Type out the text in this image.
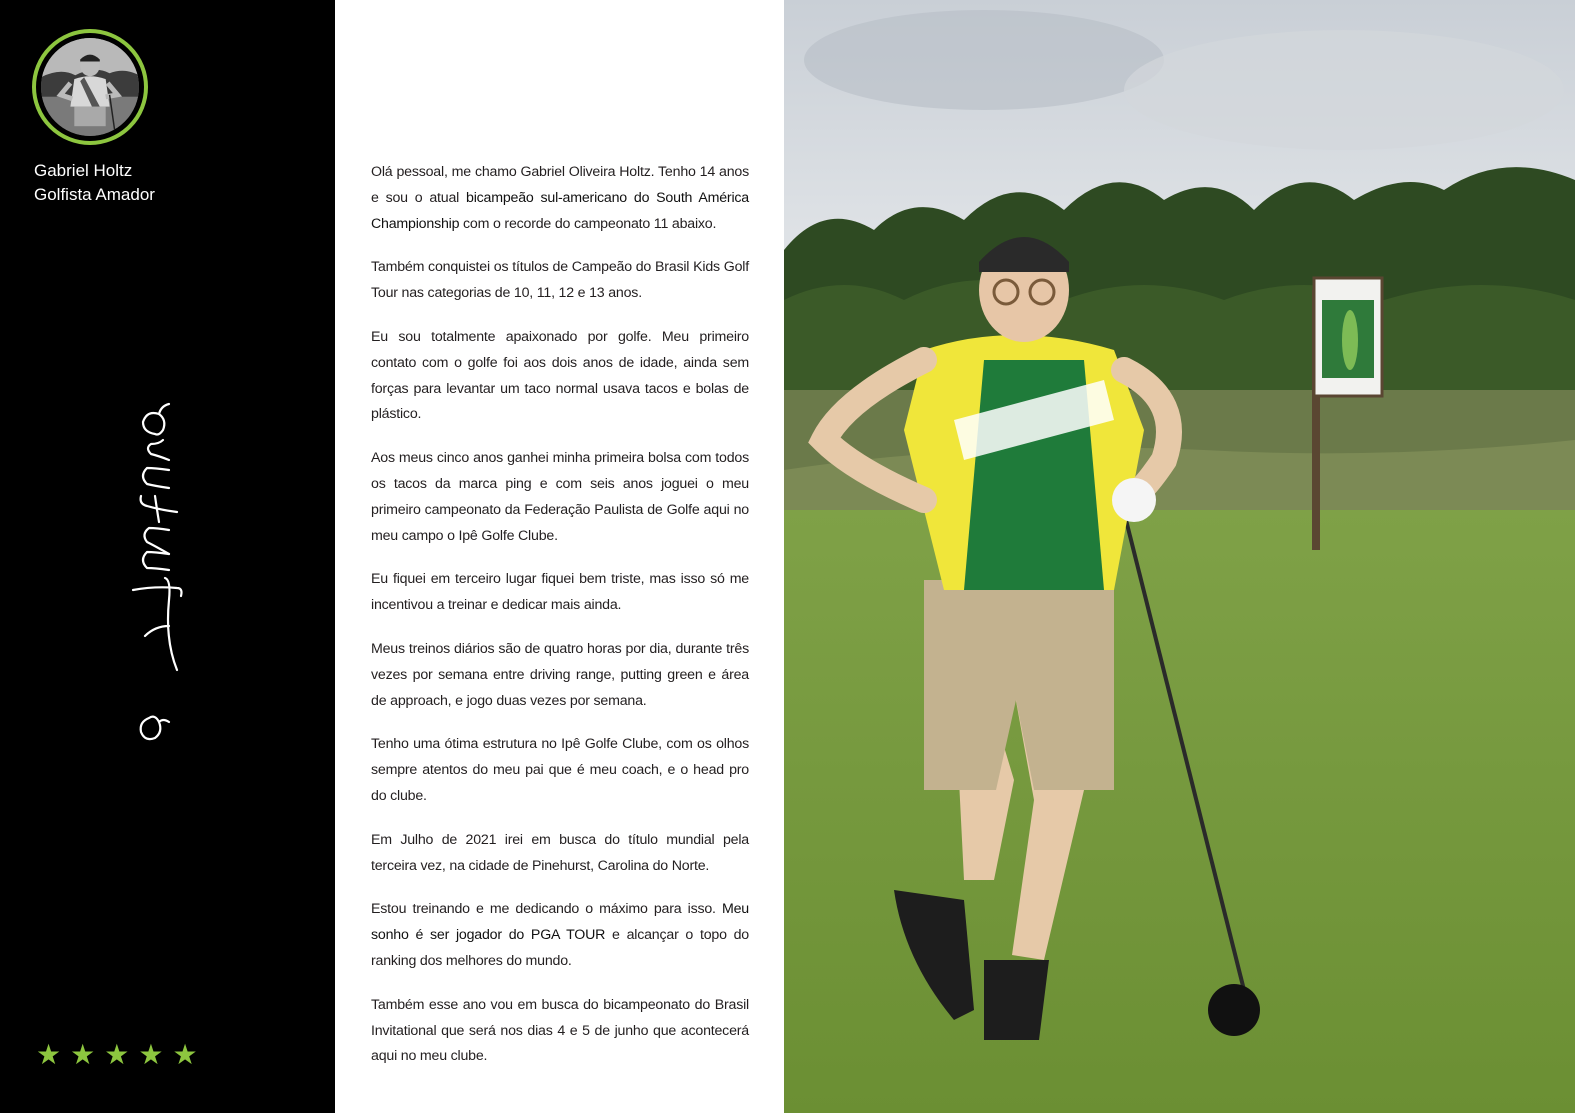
Gabriel Holtz
Golfista Amador
★ ★ ★ ★ ★

Olá pessoal, me chamo Gabriel Oliveira Holtz. Tenho 14 anos e sou o atual bicampeão sul-americano do South América Championship com o recorde do campeonato 11 abaixo.

Também conquistei os títulos de Campeão do Brasil Kids Golf Tour nas categorias de 10, 11, 12 e 13 anos.

Eu sou totalmente apaixonado por golfe. Meu primeiro contato com o golfe foi aos dois anos de idade, ainda sem forças para levantar um taco normal usava tacos e bolas de plástico.

Aos meus cinco anos ganhei minha primeira bolsa com todos os tacos da marca ping e com seis anos joguei o meu primeiro campeonato da Federação Paulista de Golfe aqui no meu campo o Ipê Golfe Clube.

Eu fiquei em terceiro lugar fiquei bem triste, mas isso só me incentivou a treinar e dedicar mais ainda.

Meus treinos diários são de quatro horas por dia, durante três vezes por semana entre driving range, putting green e área de approach, e jogo duas vezes por semana.

Tenho uma ótima estrutura no Ipê Golfe Clube, com os olhos sempre atentos do meu pai que é meu coach, e o head pro do clube.

Em Julho de 2021 irei em busca do título mundial pela terceira vez, na cidade de Pinehurst, Carolina do Norte.

Estou treinando e me dedicando o máximo para isso. Meu sonho é ser jogador do PGA TOUR e alcançar o topo do ranking dos melhores do mundo.

Também esse ano vou em busca do bicampeonato do Brasil Invitational que será nos dias 4 e 5 de junho que acontecerá aqui no meu clube.
